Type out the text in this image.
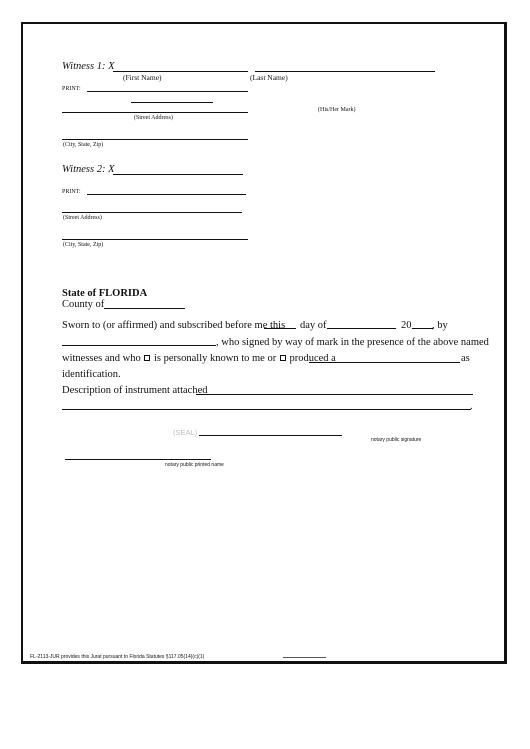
Witness 1: X
(First Name)	(Last Name)
PRINT:
(His/Her Mark)
(Street Address)
(City, State, Zip)
Witness 2: X
PRINT:
(Street Address)
(City, State, Zip)
State of FLORIDA
County of
Sworn to (or affirmed) and subscribed before me this day of	20 , by
, who signed by way of mark in the presence of the above named
witnesses and who is personally known to me or produced a	as
identification.
Description of instrument attached
.
(SEAL)
notary public signature
notary public printed name
FL-2113-JUR provides this Jurat pursuant to Florida Statutes §117.05(14)(c)(1)
